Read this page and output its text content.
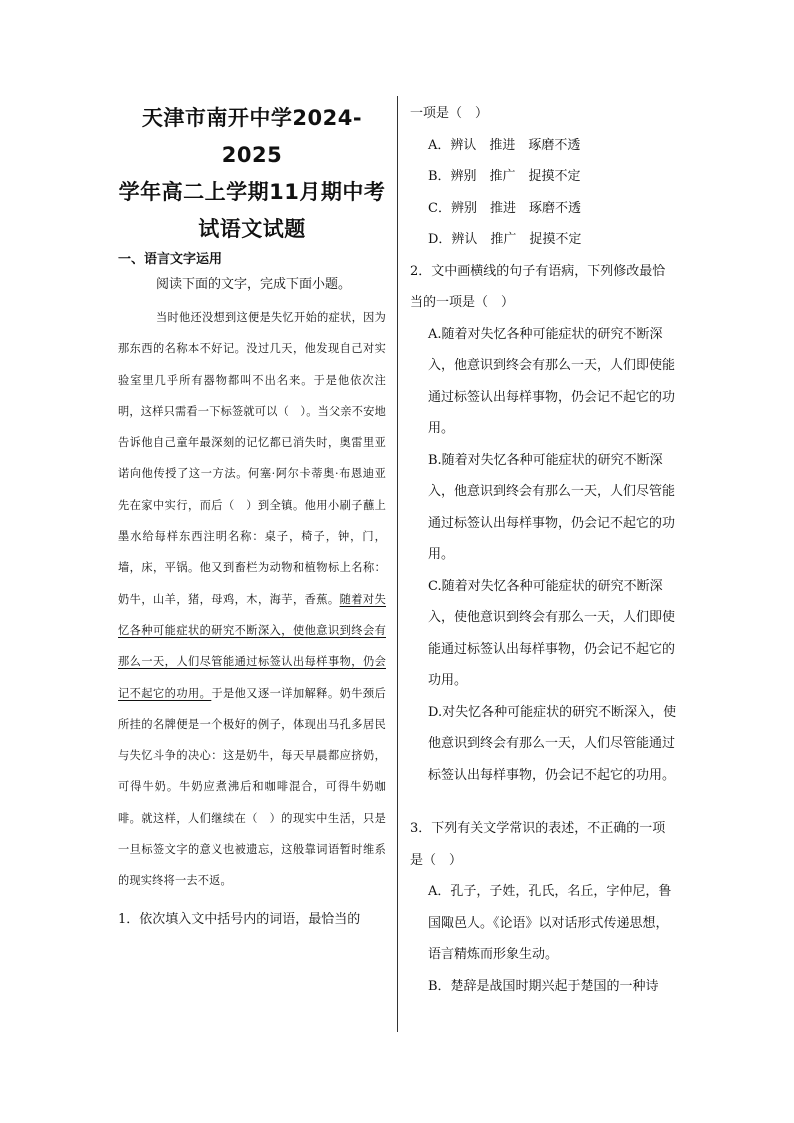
天津市南开中学2024-2025
学年高二上学期11月期中考
试语文试题

一、语言文字运用

阅读下面的文字，完成下面小题。

当时他还没想到这便是失忆开始的症状，因为那东西的名称本不好记。没过几天，他发现自己对实验室里几乎所有器物都叫不出名来。于是他依次注明，这样只需看一下标签就可以（　）。当父亲不安地告诉他自己童年最深刻的记忆都已消失时，奥雷里亚诺向他传授了这一方法。何塞·阿尔卡蒂奥·布恩迪亚先在家中实行，而后（　）到全镇。他用小刷子蘸上墨水给每样东西注明名称：桌子，椅子，钟，门，墙，床，平锅。他又到畜栏为动物和植物标上名称：奶牛，山羊，猪，母鸡，木，海芋，香蕉。随着对失忆各种可能症状的研究不断深入，使他意识到终会有那么一天，人们尽管能通过标签认出每样事物，仍会记不起它的功用。于是他又逐一详加解释。奶牛颈后所挂的名牌便是一个极好的例子，体现出马孔多居民与失忆斗争的决心：这是奶牛，每天早晨都应挤奶，可得牛奶。牛奶应煮沸后和咖啡混合，可得牛奶咖啡。就这样，人们继续在（　）的现实中生活，只是一旦标签文字的意义也被遗忘，这般靠词语暂时维系的现实终将一去不返。

1．依次填入文中括号内的词语，最恰当的

一项是（　）

A．辨认　推进　琢磨不透

B．辨别　推广　捉摸不定

C．辨别　推进　琢磨不透

D．辨认　推广　捉摸不定

2．文中画横线的句子有语病，下列修改最恰当的一项是（　）

A.随着对失忆各种可能症状的研究不断深入，他意识到终会有那么一天，人们即使能通过标签认出每样事物，仍会记不起它的功用。

B.随着对失忆各种可能症状的研究不断深入，他意识到终会有那么一天，人们尽管能通过标签认出每样事物，仍会记不起它的功用。

C.随着对失忆各种可能症状的研究不断深入，使他意识到终会有那么一天，人们即使能通过标签认出每样事物，仍会记不起它的功用。

D.对失忆各种可能症状的研究不断深入，使他意识到终会有那么一天，人们尽管能通过标签认出每样事物，仍会记不起它的功用。

3．下列有关文学常识的表述，不正确的一项是（　）

A．孔子，子姓，孔氏，名丘，字仲尼，鲁国陬邑人。《论语》以对话形式传递思想，语言精炼而形象生动。

B．楚辞是战国时期兴起于楚国的一种诗
